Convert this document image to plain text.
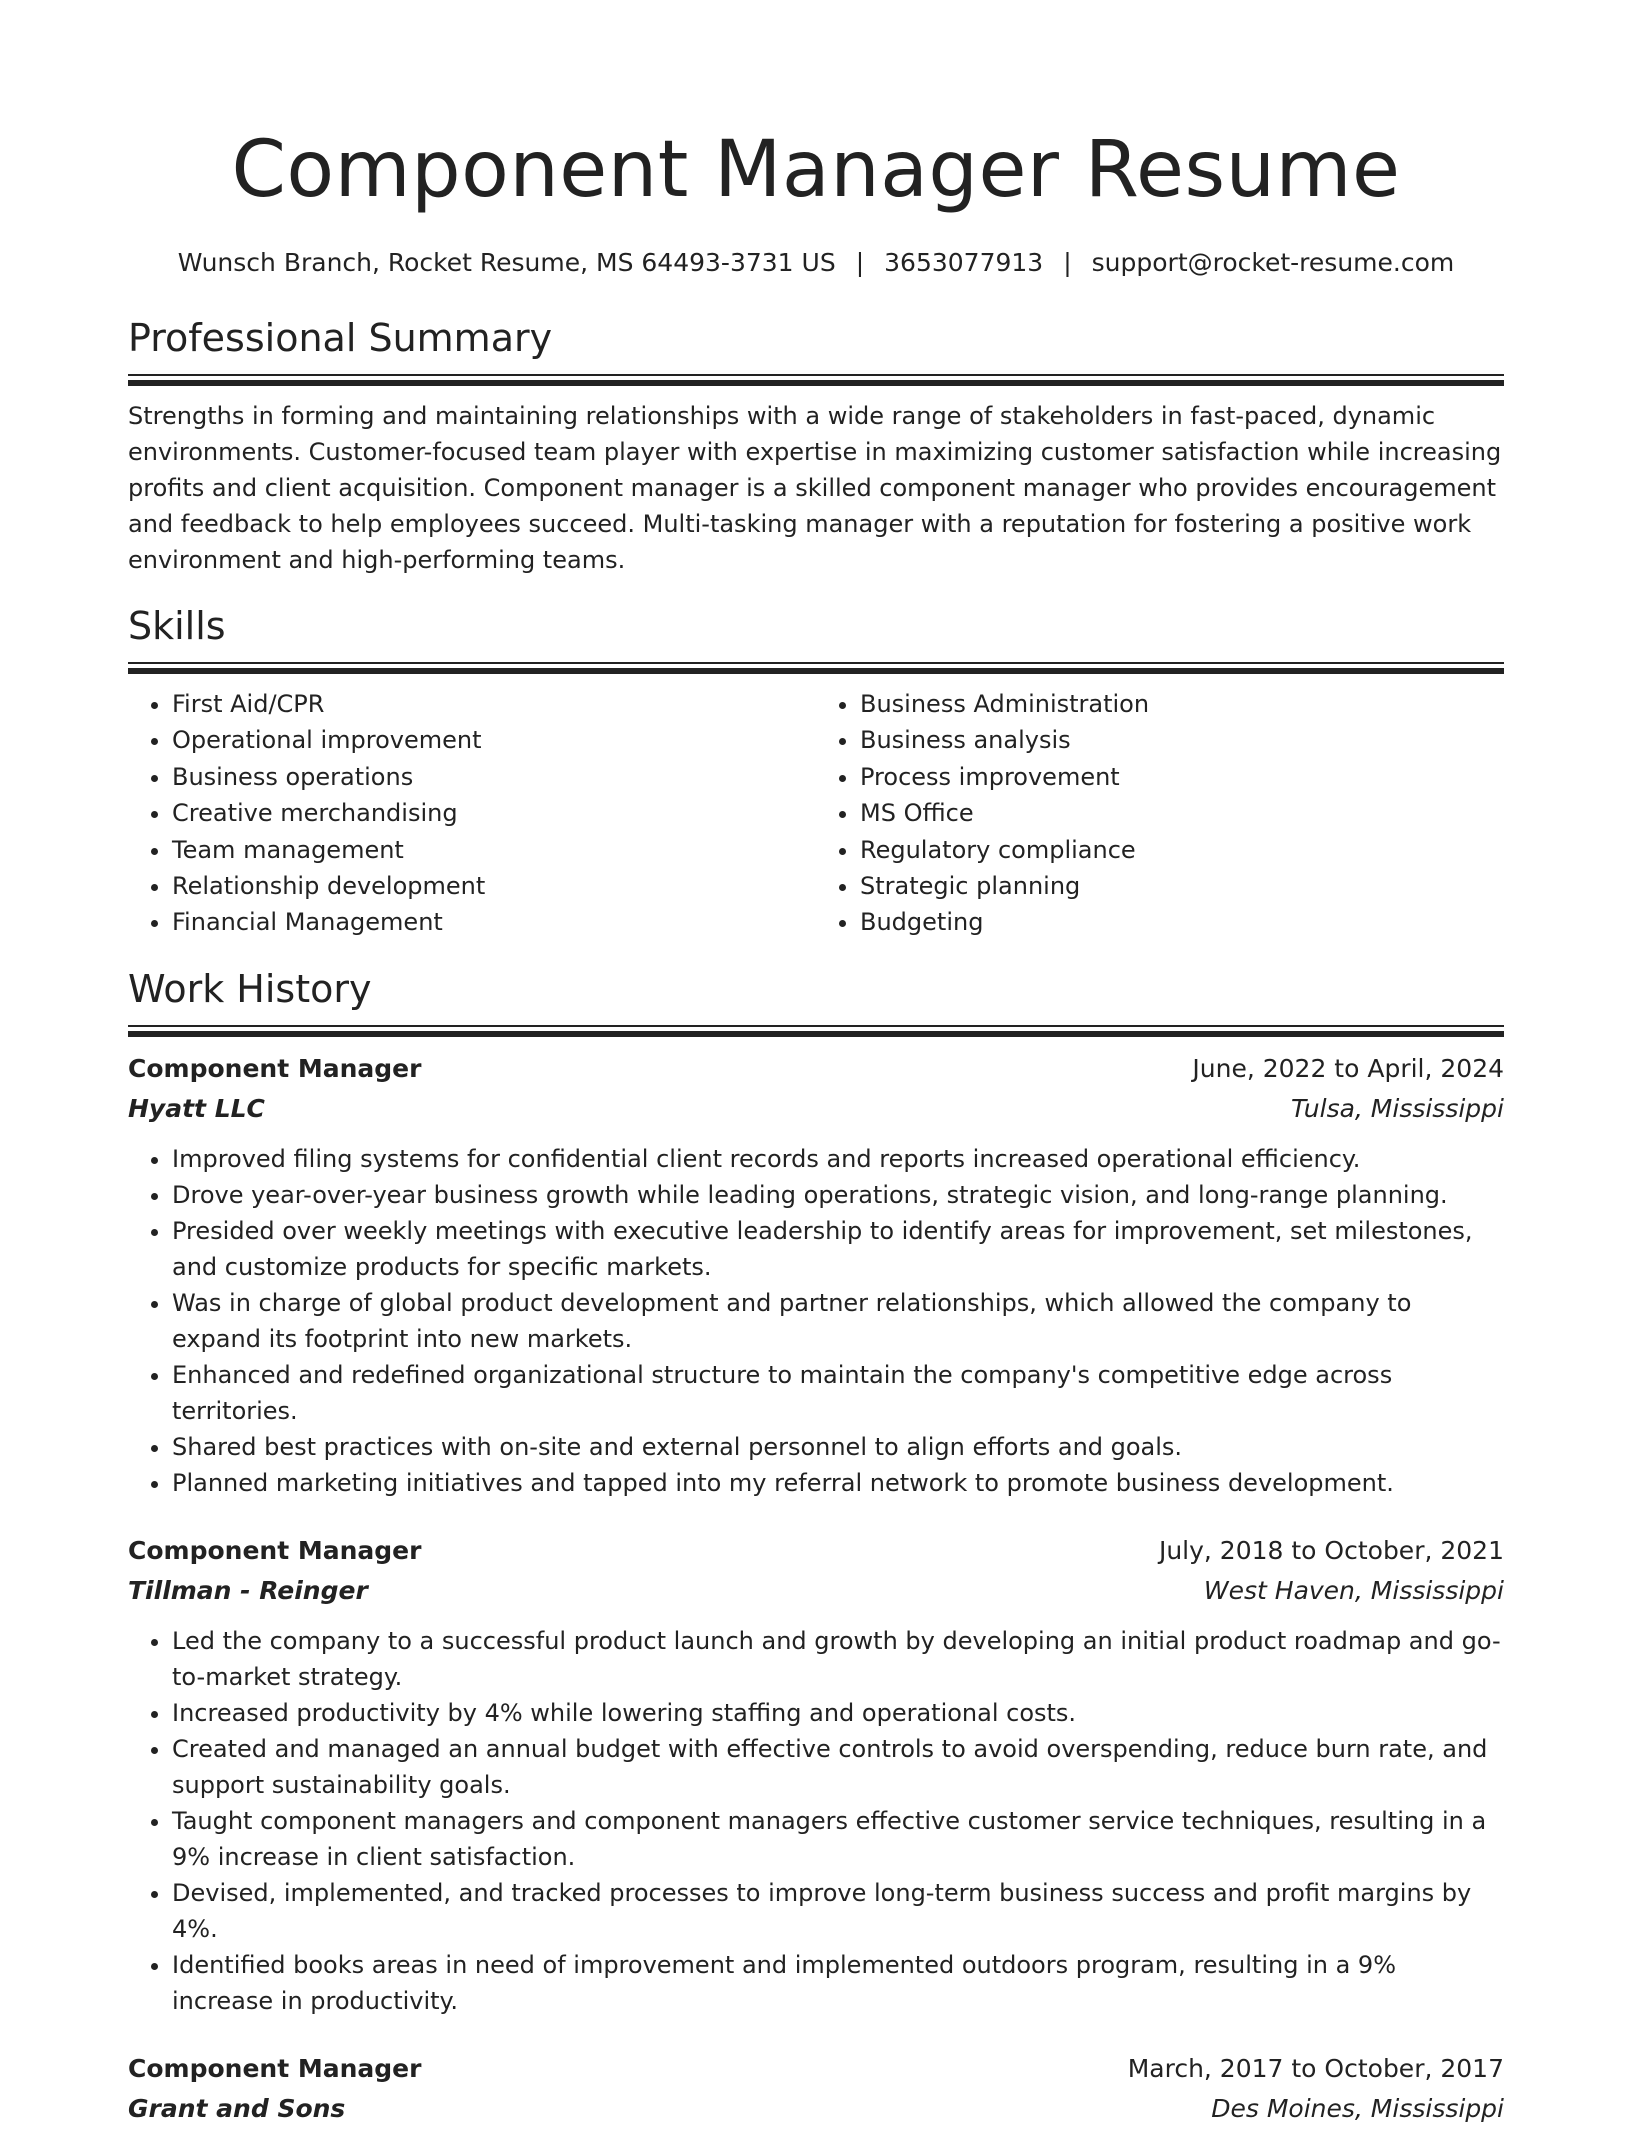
Component Manager Resume
Wunsch Branch, Rocket Resume, MS 64493-3731 US | 3653077913 | support@rocket-resume.com
Professional Summary
Strengths in forming and maintaining relationships with a wide range of stakeholders in fast-paced, dynamic environments. Customer-focused team player with expertise in maximizing customer satisfaction while increasing profits and client acquisition. Component manager is a skilled component manager who provides encouragement and feedback to help employees succeed. Multi-tasking manager with a reputation for fostering a positive work environment and high-performing teams.
Skills
• First Aid/CPR
• Operational improvement
• Business operations
• Creative merchandising
• Team management
• Relationship development
• Financial Management
• Business Administration
• Business analysis
• Process improvement
• MS Office
• Regulatory compliance
• Strategic planning
• Budgeting
Work History
Component Manager	June, 2022 to April, 2024
Hyatt LLC	Tulsa, Mississippi
• Improved filing systems for confidential client records and reports increased operational efficiency.
• Drove year-over-year business growth while leading operations, strategic vision, and long-range planning.
• Presided over weekly meetings with executive leadership to identify areas for improvement, set milestones, and customize products for specific markets.
• Was in charge of global product development and partner relationships, which allowed the company to expand its footprint into new markets.
• Enhanced and redefined organizational structure to maintain the company's competitive edge across territories.
• Shared best practices with on-site and external personnel to align efforts and goals.
• Planned marketing initiatives and tapped into my referral network to promote business development.
Component Manager	July, 2018 to October, 2021
Tillman - Reinger	West Haven, Mississippi
• Led the company to a successful product launch and growth by developing an initial product roadmap and go-to-market strategy.
• Increased productivity by 4% while lowering staffing and operational costs.
• Created and managed an annual budget with effective controls to avoid overspending, reduce burn rate, and support sustainability goals.
• Taught component managers and component managers effective customer service techniques, resulting in a 9% increase in client satisfaction.
• Devised, implemented, and tracked processes to improve long-term business success and profit margins by 4%.
• Identified books areas in need of improvement and implemented outdoors program, resulting in a 9% increase in productivity.
Component Manager	March, 2017 to October, 2017
Grant and Sons	Des Moines, Mississippi
